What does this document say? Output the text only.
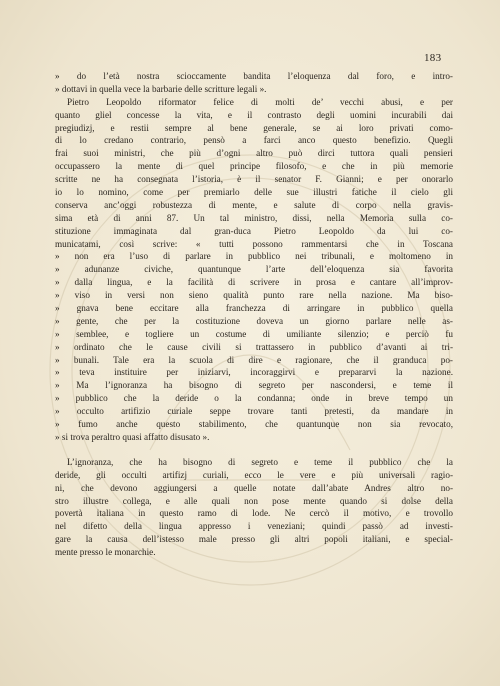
183
» do l’età nostra scioccamente bandita l’eloquenza dal foro, e intro-
» dottavi in quella vece la barbarie delle scritture legali ».
Pietro Leopoldo riformator felice di molti de’ vecchi abusi, e per
quanto gliel concesse la vita, e il contrasto degli uomini incurabili dai
pregiudizj, e restii sempre al bene generale, se ai loro privati como-
di lo credano contrario, pensò a farci anco questo benefizio. Quegli
frai suoi ministri, che più d’ogni altro può dirci tuttora quali pensieri
occupassero la mente di quel principe filosofo, e che in più memorie
scritte ne ha consegnata l’istoria, è il senator F. Gianni; e per onorarlo
io lo nomino, come per premiarlo delle sue illustri fatiche il cielo gli
conserva anc’oggi robustezza di mente, e salute di corpo nella gravis-
sima età di anni 87. Un tal ministro, dissi, nella Memoria sulla co-
stituzione immaginata dal gran-duca Pietro Leopoldo da lui co-
municatami, così scrive: « tutti possono rammentarsi che in Toscana
» non era l’uso di parlare in pubblico nei tribunali, e moltomeno in
» adunanze civiche, quantunque l’arte dell’eloquenza sia favorita
» dalla lingua, e la facilità di scrivere in prosa e cantare all’improv-
» viso in versi non sieno qualità punto rare nella nazione. Ma biso-
» gnava bene eccitare alla franchezza di arringare in pubblico quella
» gente, che per la costituzione doveva un giorno parlare nelle as-
» semblee, e togliere un costume di umiliante silenzio; e perciò fu
» ordinato che le cause civili si trattassero in pubblico d’avanti ai tri-
» bunali. Tale era la scuola di dire e ragionare, che il granduca po-
» teva instituire per iniziarvi, incoraggirvi e prepararvi la nazione.
» Ma l’ignoranza ha bisogno di segreto per nascondersi, e teme il
» pubblico che la deride o la condanna; onde in breve tempo un
» occulto artifizio curiale seppe trovare tanti pretesti, da mandare in
» fumo anche questo stabilimento, che quantunque non sia revocato,
» si trova peraltro quasi affatto disusato ».
L’ignoranza, che ha bisogno di segreto e teme il pubblico che la
deride, gli occulti artifizj curiali, ecco le vere e più universali ragio-
ni, che devono aggiungersi a quelle notate dall’abate Andres altro no-
stro illustre collega, e alle quali non pose mente quando si dolse della
povertà italiana in questo ramo di lode. Ne cercò il motivo, e trovollo
nel difetto della lingua appresso i veneziani; quindi passò ad investi-
gare la causa dell’istesso male presso gli altri popoli italiani, e special-
mente presso le monarchie.
